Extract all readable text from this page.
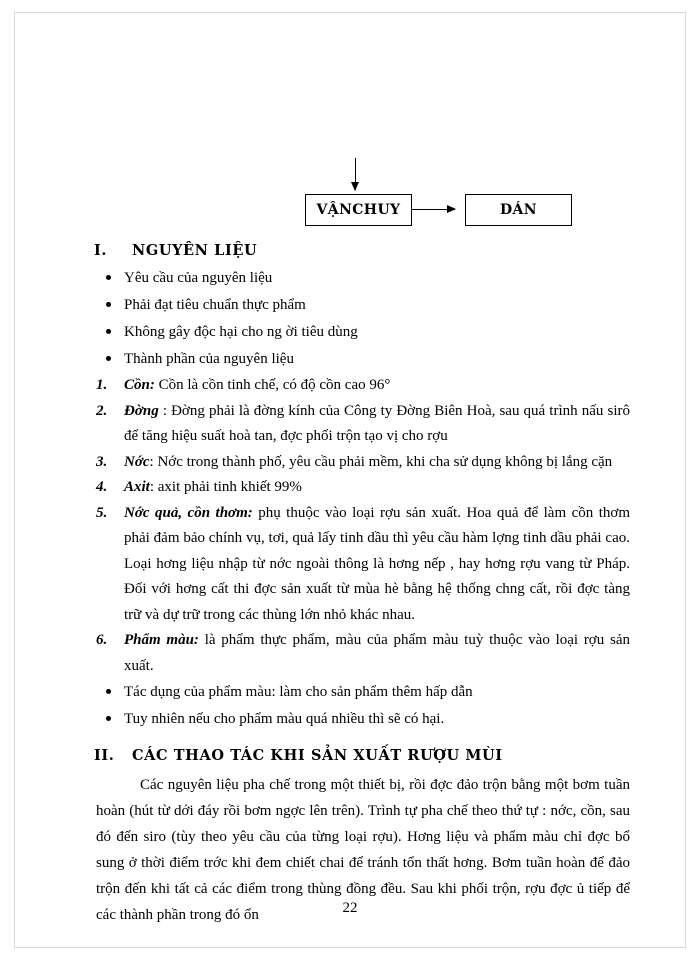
VẬNCHUY	DÁN
I.	NGUYÊN LIỆU

Yêu cầu của nguyên liệu

Phải đạt tiêu chuẩn thực phẩm

Không gây độc hại cho ng ời tiêu dùng

Thành phần của nguyên liệu

1.	Cồn: Cồn là cồn tinh chế, có độ cồn cao 96°

2.	Đờng : Đờng phải là đờng kính của Công ty Đờng Biên Hoà, sau quá trình nấu sirô để tăng hiệu suất hoà tan, đợc phối trộn tạo vị cho rợu

3.	Nớc: Nớc trong thành phố, yêu cầu phải mềm, khi cha sử dụng không bị lắng cặn

4.	Axit: axit phải tinh khiết 99%

5.	Nớc quả, cồn thơm: phụ thuộc vào loại rợu sản xuất. Hoa quả để làm cồn thơm phải đảm bảo chính vụ, tơi, quả lấy tinh dầu thì yêu cầu hàm lợng tinh dầu phải cao. Loại hơng liệu nhập từ nớc ngoài thông là hơng nếp , hay hơng rợu vang từ Pháp. Đối với hơng cất thi đợc sản xuất từ mùa hè bằng hệ thống chng cất, rồi đợc tàng trữ và dự trữ trong các thùng lớn nhỏ khác nhau.

6.	Phẩm màu: là phẩm thực phẩm, màu của phẩm màu tuỳ thuộc vào loại rợu sản xuất.

Tác dụng của phẩm màu: làm cho sản phẩm thêm hấp dẫn

Tuy nhiên nếu cho phẩm màu quá nhiều thì sẽ có hại.

II.	CÁC THAO TÁC KHI SẢN XUẤT RƯỢU MÙI

Các nguyên liệu pha chế trong một thiết bị, rồi đợc đảo trộn bằng một bơm tuần hoàn (hút từ dới đáy rồi bơm ngợc lên trên). Trình tự pha chế theo thứ tự : nớc, cồn, sau đó đến siro (tùy theo yêu cầu của từng loại rợu). Hơng liệu và phẩm màu chỉ đợc bổ sung ở thời điểm trớc khi đem chiết chai để tránh tổn thất hơng. Bơm tuần hoàn để đảo trộn đến khi tất cả các điểm trong thùng đồng đều. Sau khi phối trộn, rợu đợc ủ tiếp để các thành phần trong đó ổn	22
